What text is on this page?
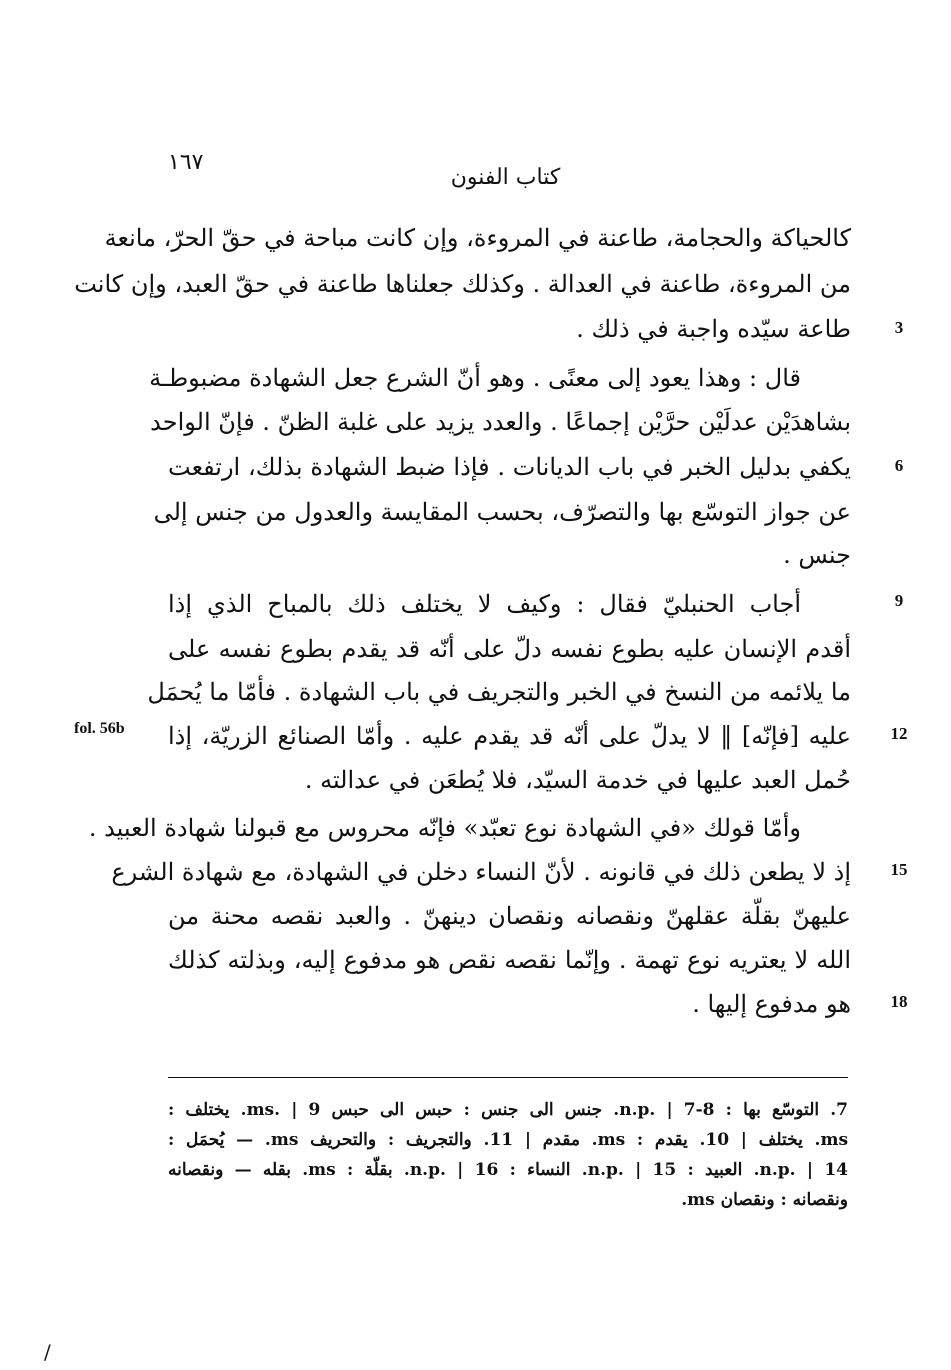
١٦٧
كتاب الفنون
fol. 56b
كالحياكة والحجامة، طاعنة في المروءة، وإن كانت مباحة في حقّ الحرّ، مانعة
من المروءة، طاعنة في العدالة . وكذلك جعلناها طاعنة في حقّ العبد، وإن كانت
طاعة سيّده واجبة في ذلك .
قال : وهذا يعود إلى معنًى . وهو أنّ الشرع جعل الشهادة مضبوطـة
بشاهدَيْن عدلَيْن حرَّيْن إجماعًا . والعدد يزيد على غلبة الظنّ . فإنّ الواحد
يكفي بدليل الخبر في باب الديانات . فإذا ضبط الشهادة بذلك، ارتفعت
عن جواز التوسّع بها والتصرّف، بحسب المقايسة والعدول من جنس إلى
جنس .
أجاب الحنبليّ فقال : وكيف لا يختلف ذلك بالمباح الذي إذا
أقدم الإنسان عليه بطوع نفسه دلّ على أنّه قد يقدم بطوع نفسه على
ما يلائمه من النسخ في الخبر والتجريف في باب الشهادة . فأمّا ما يُحمَل
عليه [فإنّه] ‖ لا يدلّ على أنّه قد يقدم عليه . وأمّا الصنائع الزريّة، إذا
حُمل العبد عليها في خدمة السيّد، فلا يُطعَن في عدالته .
وأمّا قولك «في الشهادة نوع تعبّد» فإنّه محروس مع قبولنا شهادة العبيد .
إذ لا يطعن ذلك في قانونه . لأنّ النساء دخلن في الشهادة، مع شهادة الشرع
عليهنّ بقلّة عقلهنّ ونقصانه ونقصان دينهنّ . والعبد نقصه محنة من
الله لا يعتريه نوع تهمة . وإنّما نقصه نقص هو مدفوع إليه، وبذلته كذلك
هو مدفوع إليها .
3
6
9
12
15
18
7. التوسّع بها : n.p. | 7-8. جنس الى جنس : حبس الى حبس ms. | 9. يختلف :
ms. يختلف | 10. يقدم : ms. مقدم | 11. والتجريف : والتحريف ms. — يُحمَل :
n.p. | 14. العبيد : n.p. | 15. النساء : n.p. | 16. بقلّة : ms. بقله — ونقصانه
ونقصانه : ونقصان ms.
/
